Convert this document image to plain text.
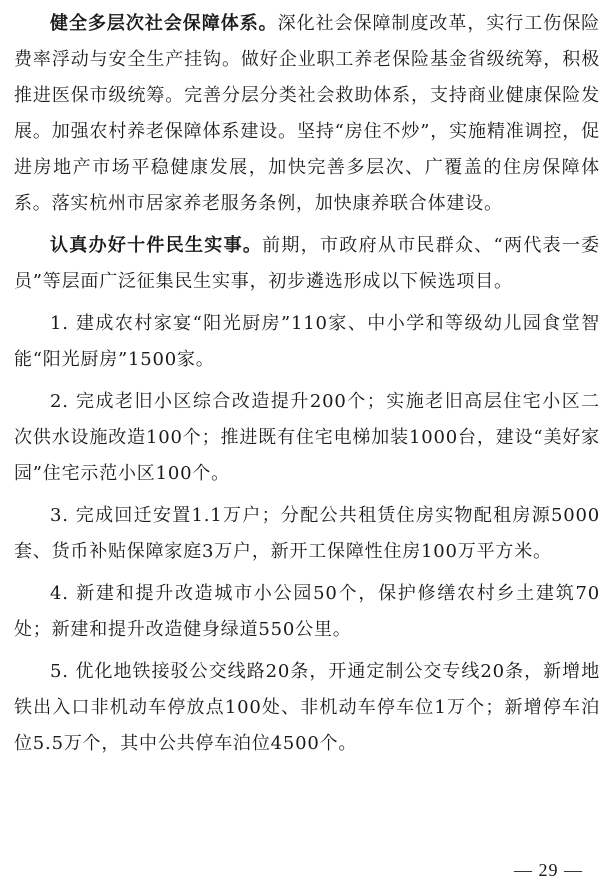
健全多层次社会保障体系。深化社会保障制度改革，实行工伤保险费率浮动与安全生产挂钩。做好企业职工养老保险基金省级统筹，积极推进医保市级统筹。完善分层分类社会救助体系，支持商业健康保险发展。加强农村养老保障体系建设。坚持“房住不炒”，实施精准调控，促进房地产市场平稳健康发展，加快完善多层次、广覆盖的住房保障体系。落实杭州市居家养老服务条例，加快康养联合体建设。

认真办好十件民生实事。前期，市政府从市民群众、“两代表一委员”等层面广泛征集民生实事，初步遴选形成以下候选项目。

1. 建成农村家宴“阳光厨房”110家、中小学和等级幼儿园食堂智能“阳光厨房”1500家。

2. 完成老旧小区综合改造提升200个；实施老旧高层住宅小区二次供水设施改造100个；推进既有住宅电梯加装1000台，建设“美好家园”住宅示范小区100个。

3. 完成回迁安置1.1万户；分配公共租赁住房实物配租房源5000套、货币补贴保障家庭3万户，新开工保障性住房100万平方米。

4. 新建和提升改造城市小公园50个，保护修缮农村乡土建筑70处；新建和提升改造健身绿道550公里。

5. 优化地铁接驳公交线路20条，开通定制公交专线20条，新增地铁出入口非机动车停放点100处、非机动车停车位1万个；新增停车泊位5.5万个，其中公共停车泊位4500个。

— 29 —
